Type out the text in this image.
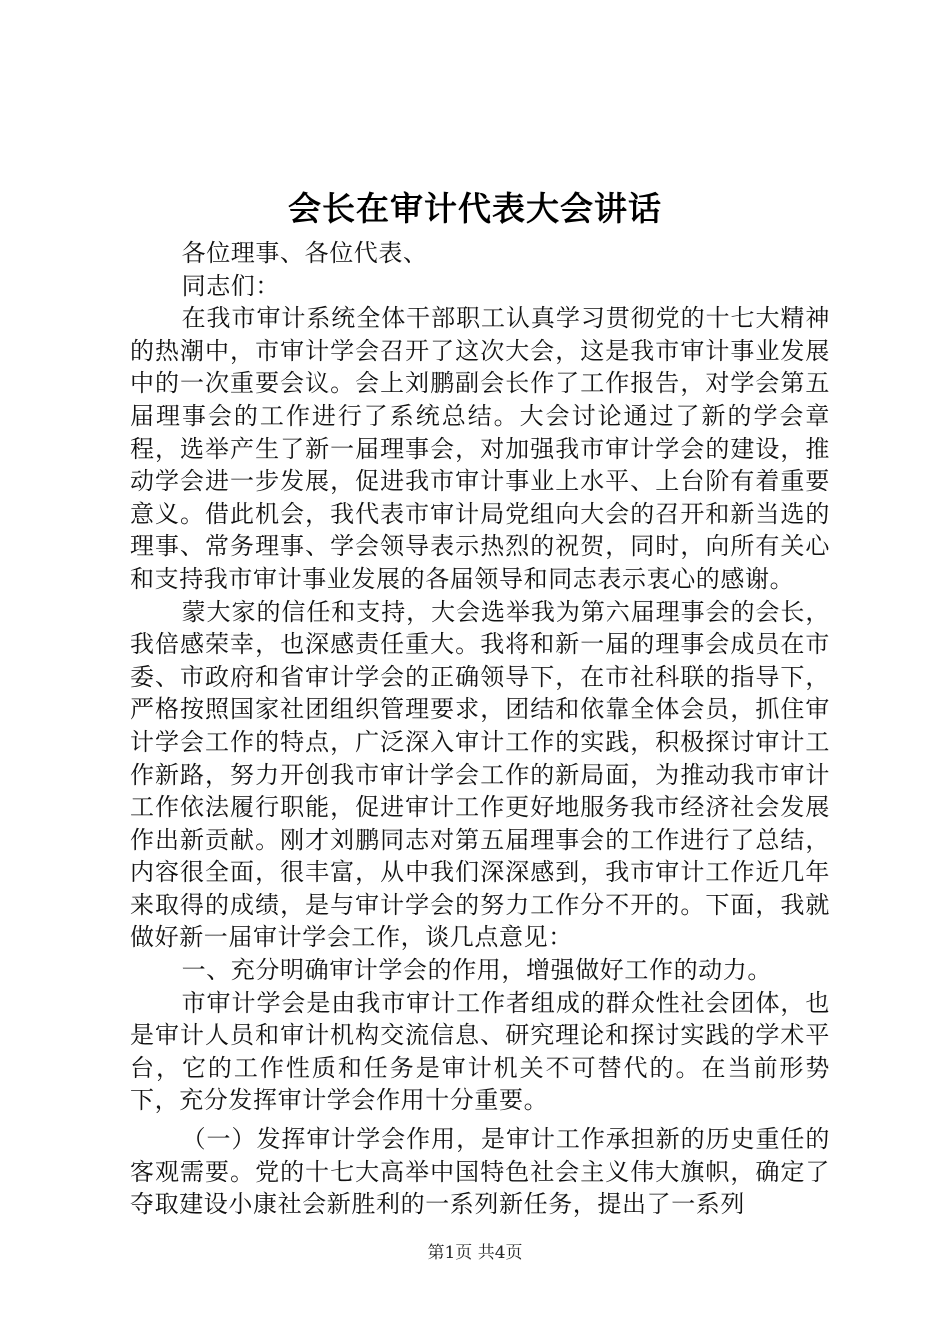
会长在审计代表大会讲话

各位理事、各位代表、

同志们：

在我市审计系统全体干部职工认真学习贯彻党的十七大精神的热潮中，市审计学会召开了这次大会，这是我市审计事业发展中的一次重要会议。会上刘鹏副会长作了工作报告，对学会第五届理事会的工作进行了系统总结。大会讨论通过了新的学会章程，选举产生了新一届理事会，对加强我市审计学会的建设，推动学会进一步发展，促进我市审计事业上水平、上台阶有着重要意义。借此机会，我代表市审计局党组向大会的召开和新当选的理事、常务理事、学会领导表示热烈的祝贺，同时，向所有关心和支持我市审计事业发展的各届领导和同志表示衷心的感谢。

蒙大家的信任和支持，大会选举我为第六届理事会的会长，我倍感荣幸，也深感责任重大。我将和新一届的理事会成员在市委、市政府和省审计学会的正确领导下，在市社科联的指导下，严格按照国家社团组织管理要求，团结和依靠全体会员，抓住审计学会工作的特点，广泛深入审计工作的实践，积极探讨审计工作新路，努力开创我市审计学会工作的新局面，为推动我市审计工作依法履行职能，促进审计工作更好地服务我市经济社会发展作出新贡献。刚才刘鹏同志对第五届理事会的工作进行了总结，内容很全面，很丰富，从中我们深深感到，我市审计工作近几年来取得的成绩，是与审计学会的努力工作分不开的。下面，我就做好新一届审计学会工作，谈几点意见：

一、充分明确审计学会的作用，增强做好工作的动力。

市审计学会是由我市审计工作者组成的群众性社会团体，也是审计人员和审计机构交流信息、研究理论和探讨实践的学术平台，它的工作性质和任务是审计机关不可替代的。在当前形势下，充分发挥审计学会作用十分重要。

（一）发挥审计学会作用，是审计工作承担新的历史重任的客观需要。党的十七大高举中国特色社会主义伟大旗帜，确定了夺取建设小康社会新胜利的一系列新任务，提出了一系列

第1页 共4页
